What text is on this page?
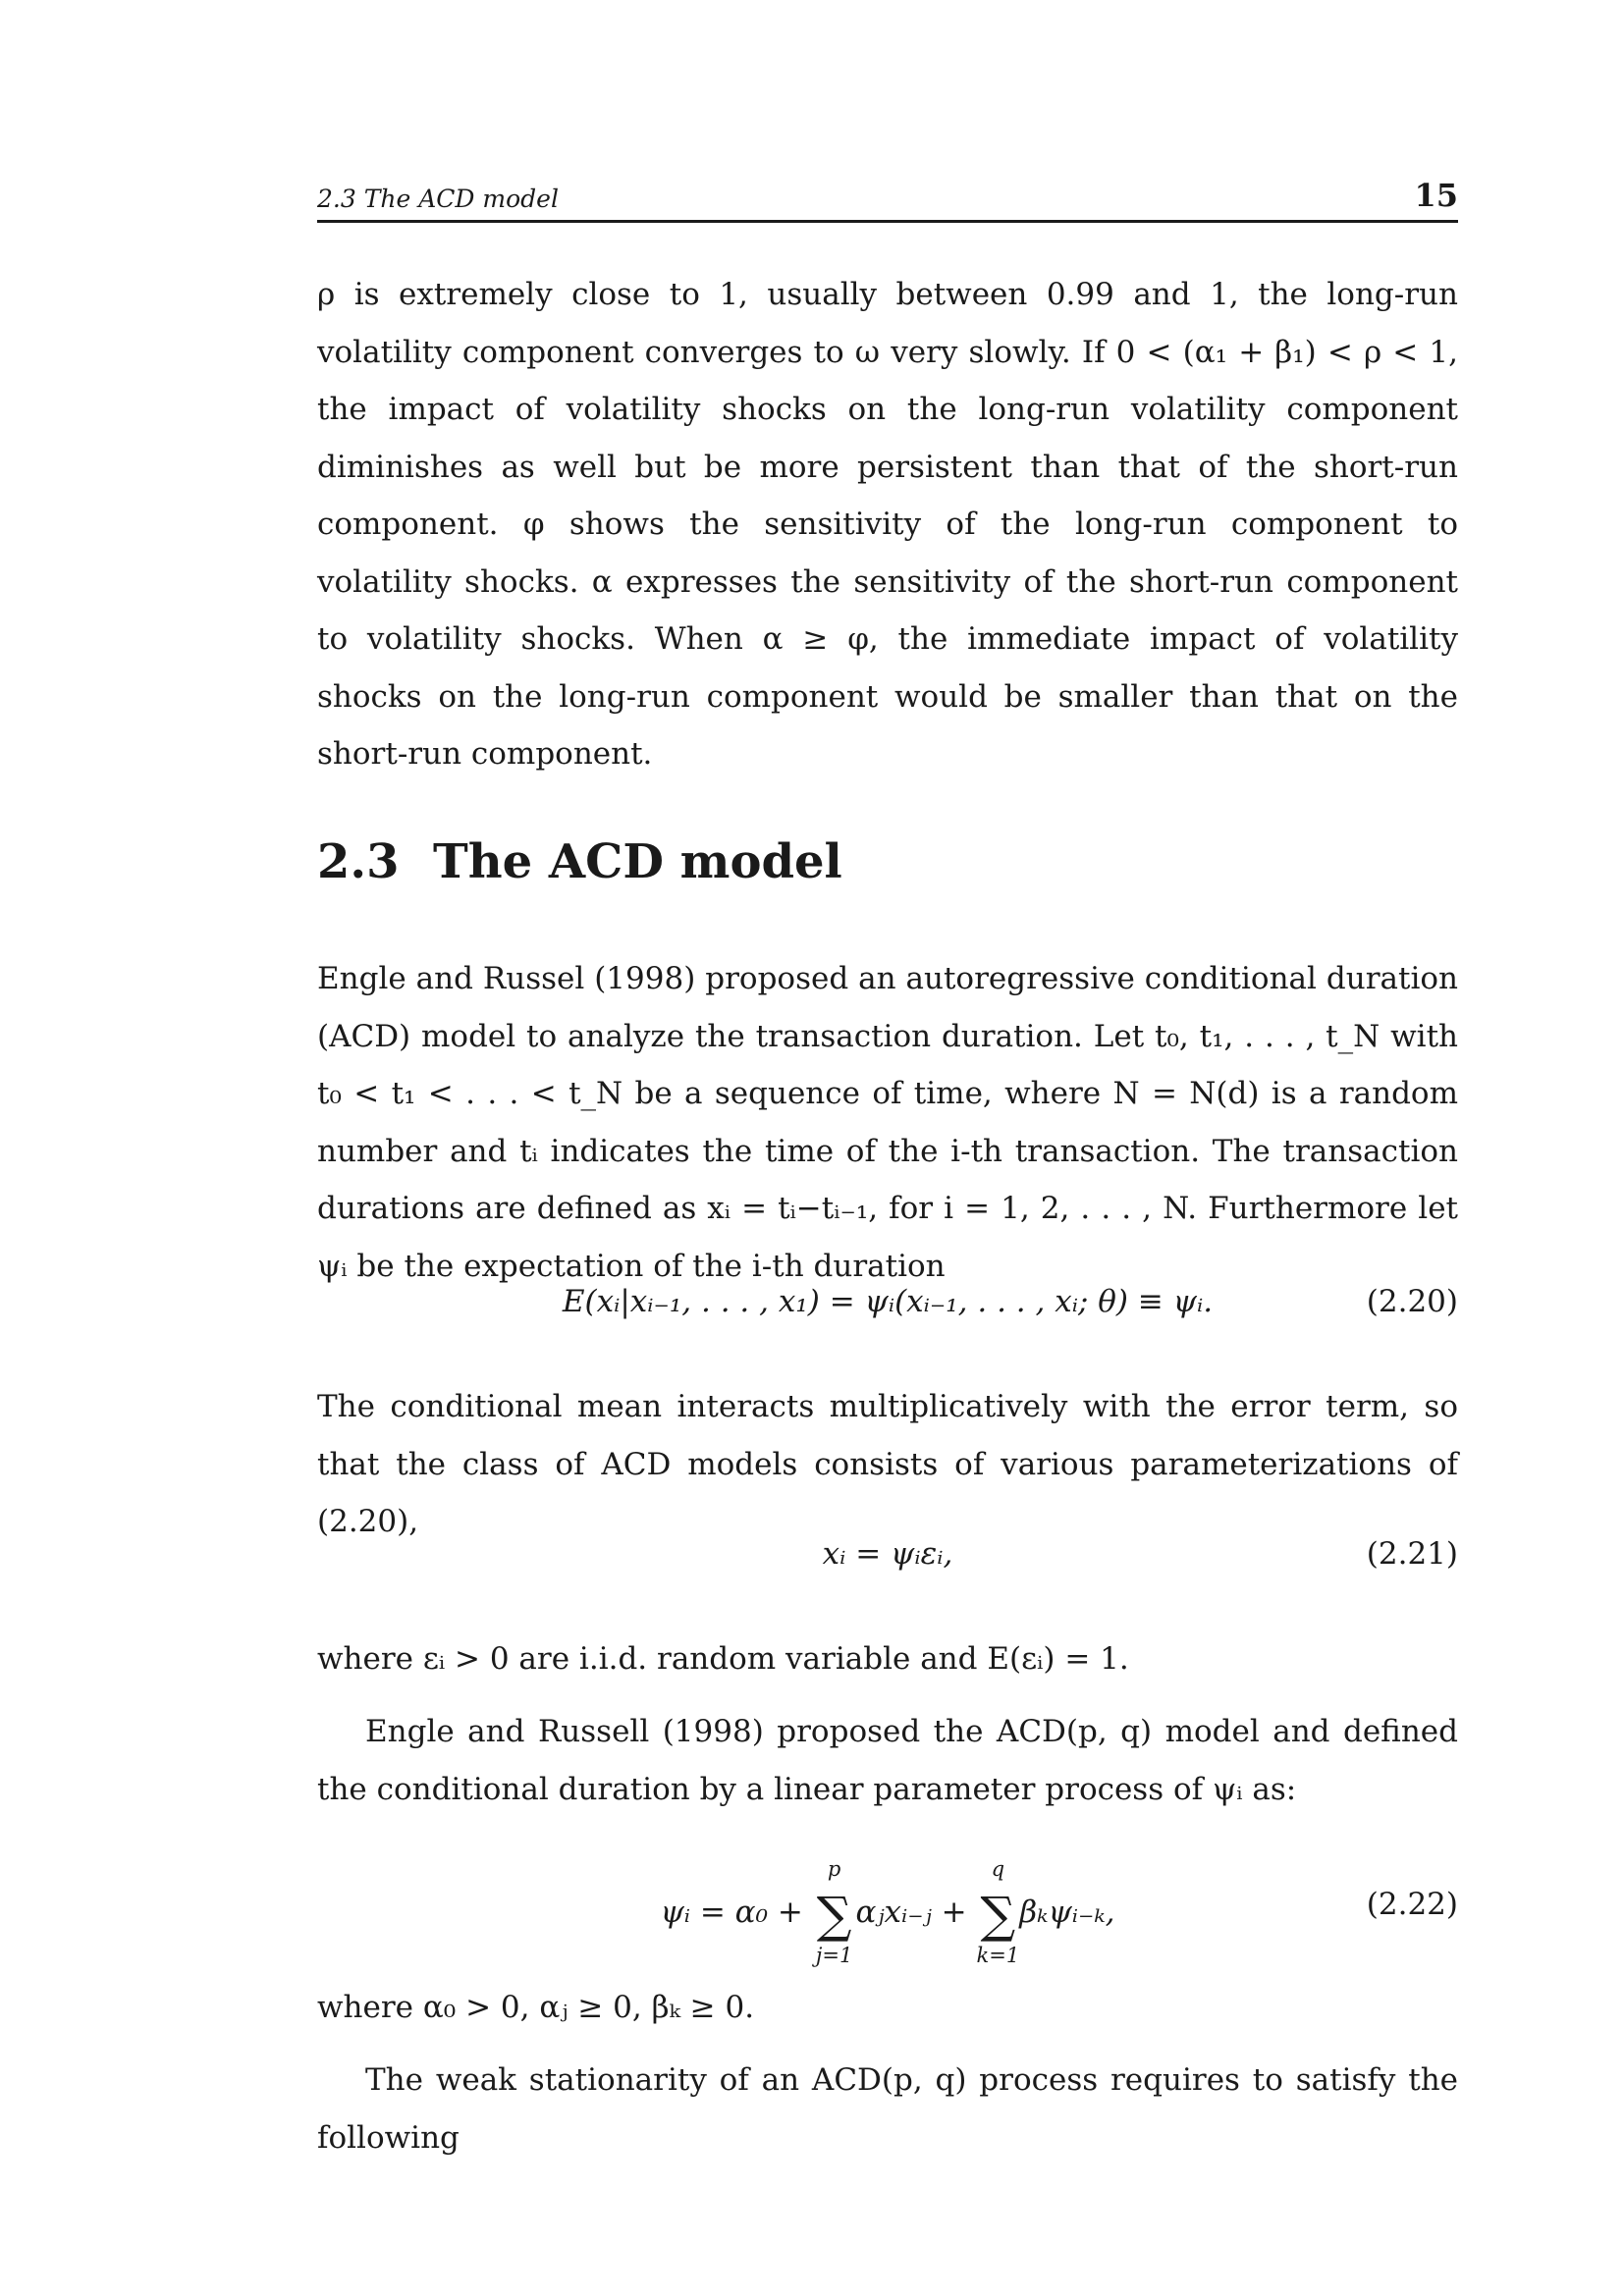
2.3 The ACD model	15

ρ is extremely close to 1, usually between 0.99 and 1, the long-run volatility component converges to ω very slowly. If 0 < (α₁ + β₁) < ρ < 1, the impact of volatility shocks on the long-run volatility component diminishes as well but be more persistent than that of the short-run component. φ shows the sensitivity of the long-run component to volatility shocks. α expresses the sensitivity of the short-run component to volatility shocks. When α ≥ φ, the immediate impact of volatility shocks on the long-run component would be smaller than that on the short-run component.

2.3 The ACD model

Engle and Russel (1998) proposed an autoregressive conditional duration (ACD) model to analyze the transaction duration. Let t₀, t₁, . . . , t_N with t₀ < t₁ < . . . < t_N be a sequence of time, where N = N(d) is a random number and tᵢ indicates the time of the i-th transaction. The transaction durations are defined as xᵢ = tᵢ−tᵢ₋₁, for i = 1, 2, . . . , N. Furthermore let ψᵢ be the expectation of the i-th duration

E(xᵢ|xᵢ₋₁, . . . , x₁) = ψᵢ(xᵢ₋₁, . . . , xᵢ; θ) ≡ ψᵢ.	(2.20)

The conditional mean interacts multiplicatively with the error term, so that the class of ACD models consists of various parameterizations of (2.20),

xᵢ = ψᵢεᵢ,	(2.21)

where εᵢ > 0 are i.i.d. random variable and E(εᵢ) = 1.

Engle and Russell (1998) proposed the ACD(p, q) model and defined the conditional duration by a linear parameter process of ψᵢ as:

ψᵢ = α₀ +
p
∑
j=1
αⱼxᵢ₋ⱼ +
q
∑
k=1
βₖψᵢ₋ₖ,	(2.22)

where α₀ > 0, αⱼ ≥ 0, βₖ ≥ 0.

The weak stationarity of an ACD(p, q) process requires to satisfy the following
